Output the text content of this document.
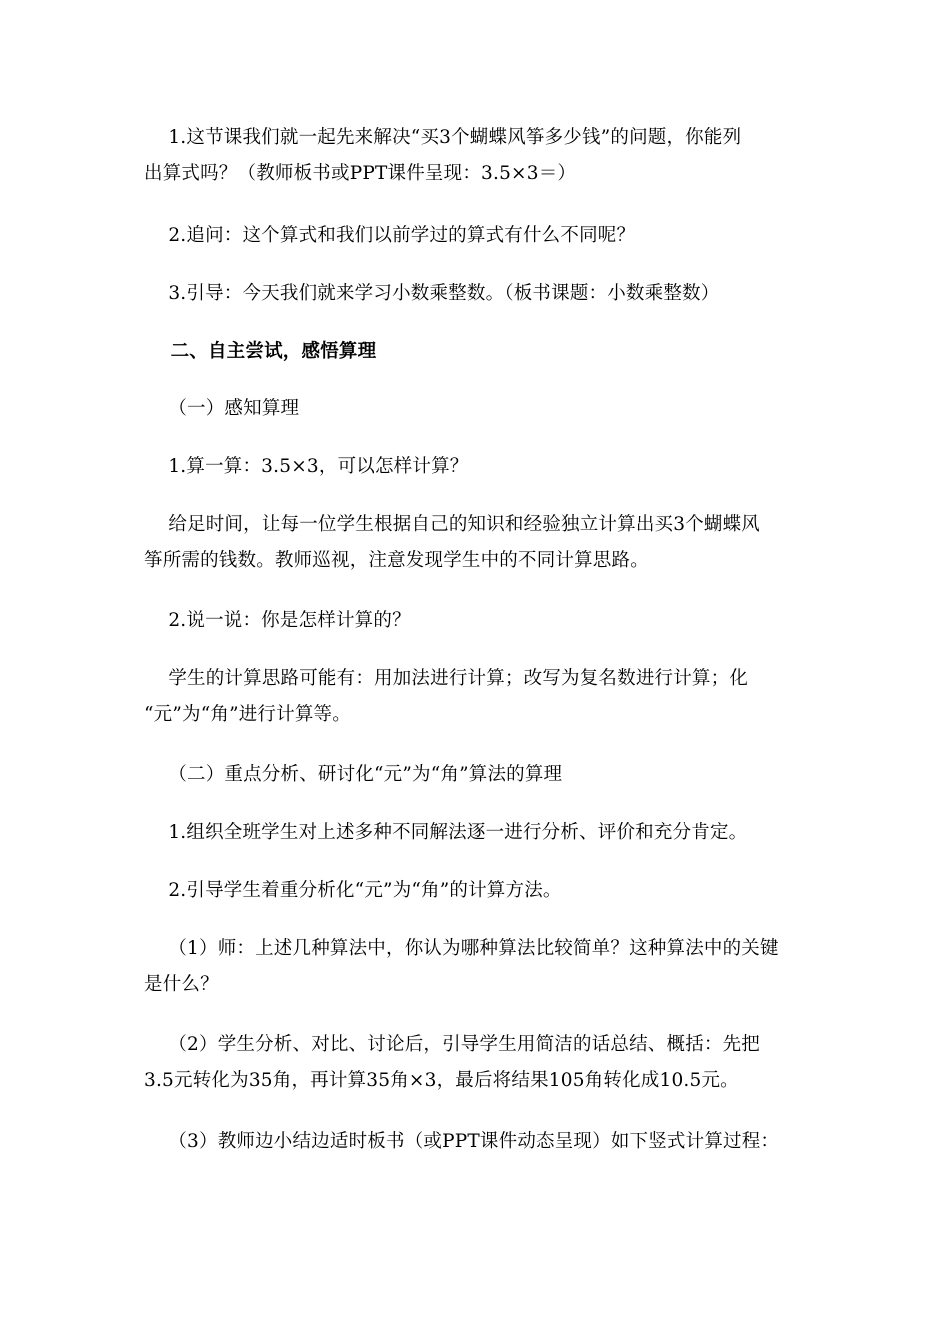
1.这节课我们就一起先来解决“买3个蝴蝶风筝多少钱”的问题，你能列
出算式吗？（教师板书或PPT课件呈现：3.5×3＝）

2.追问：这个算式和我们以前学过的算式有什么不同呢？

3.引导：今天我们就来学习小数乘整数。（板书课题：小数乘整数）

二、自主尝试，感悟算理

（一）感知算理

1.算一算：3.5×3，可以怎样计算？

给足时间，让每一位学生根据自己的知识和经验独立计算出买3个蝴蝶风
筝所需的钱数。教师巡视，注意发现学生中的不同计算思路。

2.说一说：你是怎样计算的？

学生的计算思路可能有：用加法进行计算；改写为复名数进行计算；化
“元”为“角”进行计算等。

（二）重点分析、研讨化“元”为“角”算法的算理

1.组织全班学生对上述多种不同解法逐一进行分析、评价和充分肯定。

2.引导学生着重分析化“元”为“角”的计算方法。

（1）师：上述几种算法中，你认为哪种算法比较简单？这种算法中的关键
是什么？

（2）学生分析、对比、讨论后，引导学生用简洁的话总结、概括：先把
3.5元转化为35角，再计算35角×3，最后将结果105角转化成10.5元。

（3）教师边小结边适时板书（或PPT课件动态呈现）如下竖式计算过程：
